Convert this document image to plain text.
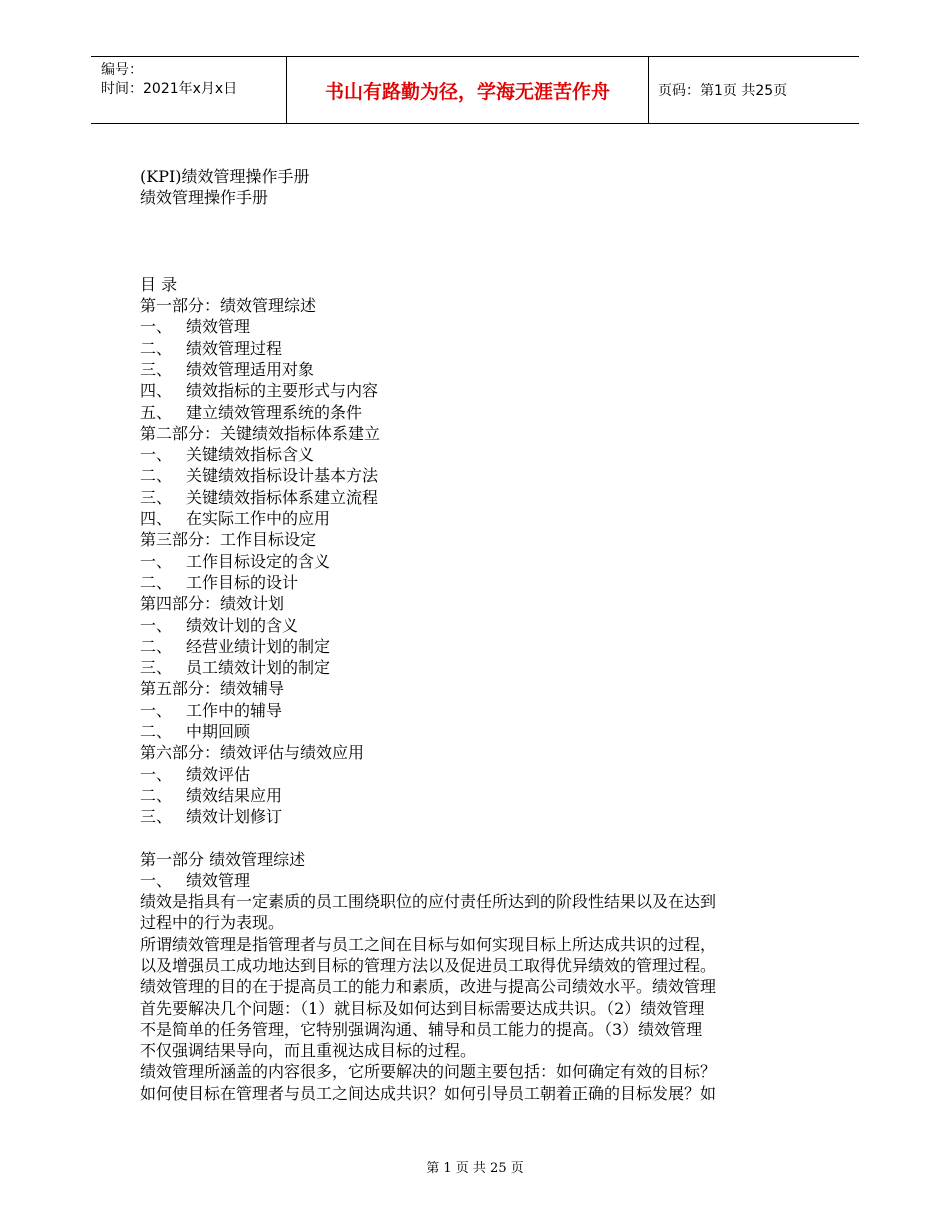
编号：
时间：2021年x月x日	书山有路勤为径，学海无涯苦作舟	页码：第1页 共25页
(KPI)绩效管理操作手册
绩效管理操作手册
目 录
第一部分：绩效管理综述
一、 绩效管理
二、 绩效管理过程
三、 绩效管理适用对象
四、 绩效指标的主要形式与内容
五、 建立绩效管理系统的条件
第二部分：关键绩效指标体系建立
一、 关键绩效指标含义
二、 关键绩效指标设计基本方法
三、 关键绩效指标体系建立流程
四、 在实际工作中的应用
第三部分：工作目标设定
一、 工作目标设定的含义
二、 工作目标的设计
第四部分：绩效计划
一、 绩效计划的含义
二、 经营业绩计划的制定
三、 员工绩效计划的制定
第五部分：绩效辅导
一、 工作中的辅导
二、 中期回顾
第六部分：绩效评估与绩效应用
一、 绩效评估
二、 绩效结果应用
三、 绩效计划修订
第一部分 绩效管理综述
一、 绩效管理
绩效是指具有一定素质的员工围绕职位的应付责任所达到的阶段性结果以及在达到
过程中的行为表现。
所谓绩效管理是指管理者与员工之间在目标与如何实现目标上所达成共识的过程，
以及增强员工成功地达到目标的管理方法以及促进员工取得优异绩效的管理过程。
绩效管理的目的在于提高员工的能力和素质，改进与提高公司绩效水平。绩效管理
首先要解决几个问题：（1）就目标及如何达到目标需要达成共识。（2）绩效管理
不是简单的任务管理，它特别强调沟通、辅导和员工能力的提高。（3）绩效管理
不仅强调结果导向，而且重视达成目标的过程。
绩效管理所涵盖的内容很多，它所要解决的问题主要包括：如何确定有效的目标？
如何使目标在管理者与员工之间达成共识？如何引导员工朝着正确的目标发展？如
第 1 页 共 25 页
